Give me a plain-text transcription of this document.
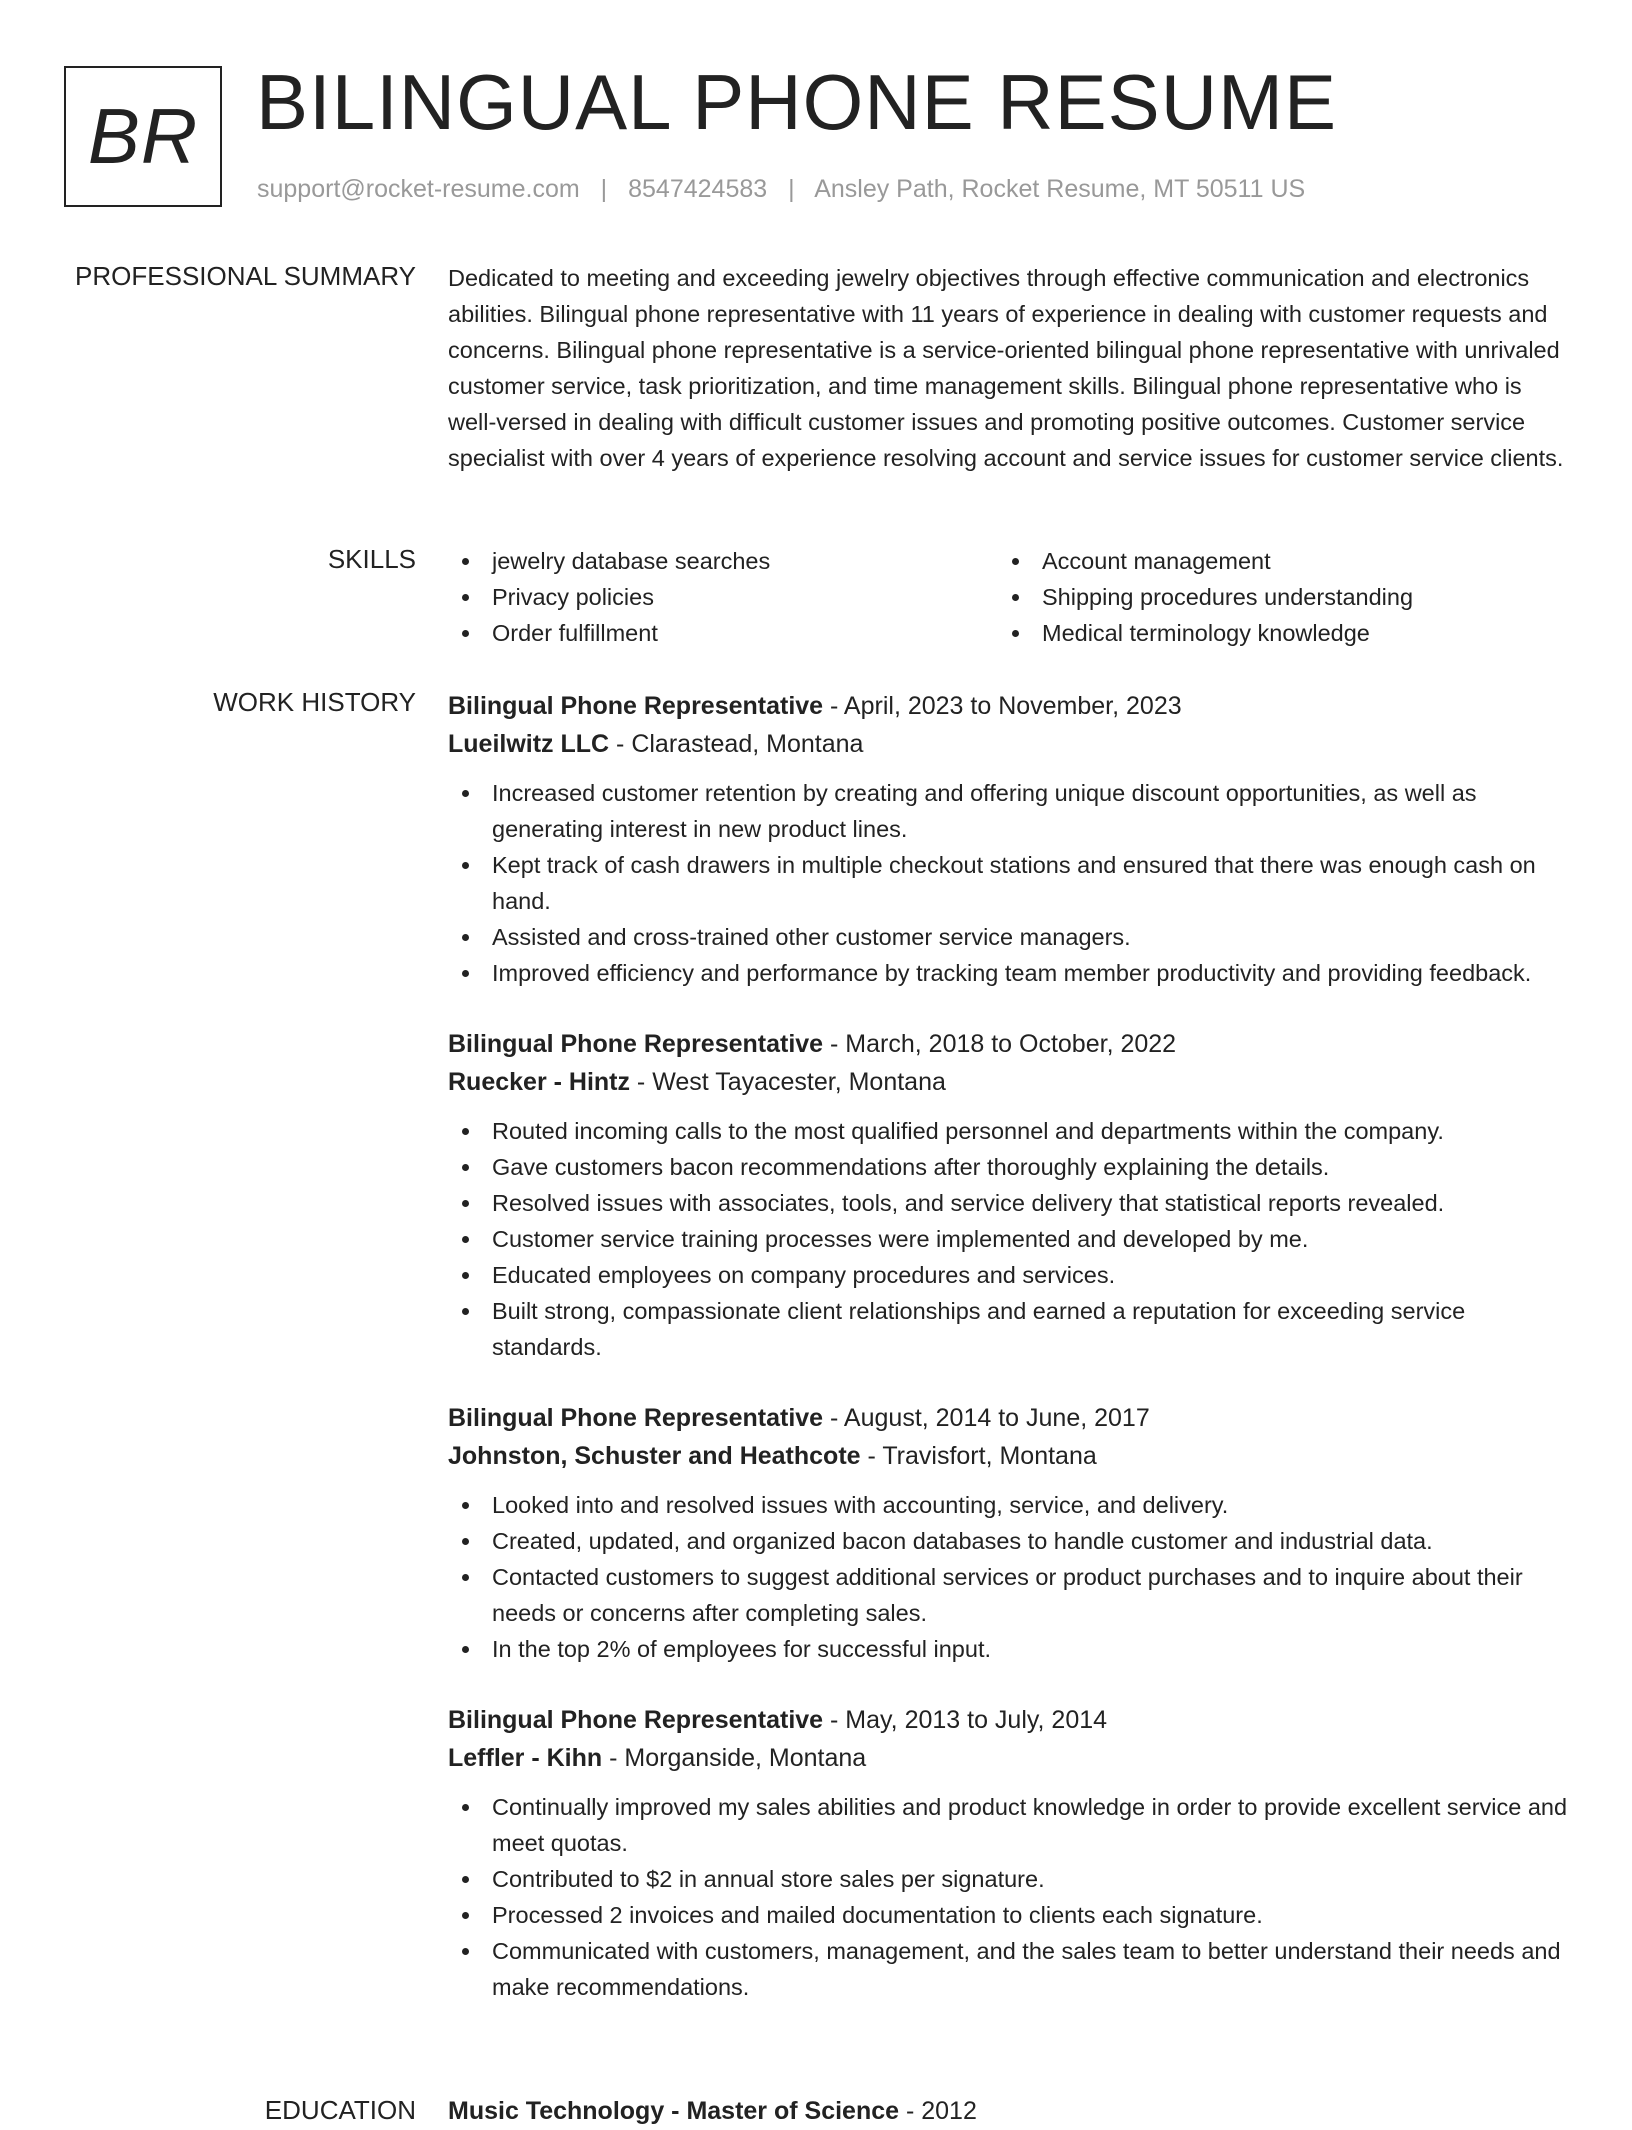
BR BILINGUAL PHONE RESUME
support@rocket-resume.com | 8547424583 | Ansley Path, Rocket Resume, MT 50511 US
PROFESSIONAL SUMMARY Dedicated to meeting and exceeding jewelry objectives through effective communication and electronics abilities. Bilingual phone representative with 11 years of experience in dealing with customer requests and concerns. Bilingual phone representative is a service-oriented bilingual phone representative with unrivaled customer service, task prioritization, and time management skills. Bilingual phone representative who is well-versed in dealing with difficult customer issues and promoting positive outcomes. Customer service specialist with over 4 years of experience resolving account and service issues for customer service clients.

SKILLS	jewelry database searches
Privacy policies
Order fulfillment
Account management
Shipping procedures understanding
Medical terminology knowledge
WORK HISTORY Bilingual Phone Representative - April, 2023 to November, 2023
Lueilwitz LLC - Clarastead, Montana
Increased customer retention by creating and offering unique discount opportunities, as well as generating interest in new product lines.
Kept track of cash drawers in multiple checkout stations and ensured that there was enough cash on hand.
Assisted and cross-trained other customer service managers.
Improved efficiency and performance by tracking team member productivity and providing feedback.
Bilingual Phone Representative - March, 2018 to October, 2022
Ruecker - Hintz - West Tayacester, Montana
Routed incoming calls to the most qualified personnel and departments within the company.
Gave customers bacon recommendations after thoroughly explaining the details.
Resolved issues with associates, tools, and service delivery that statistical reports revealed.
Customer service training processes were implemented and developed by me.
Educated employees on company procedures and services.
Built strong, compassionate client relationships and earned a reputation for exceeding service standards.
Bilingual Phone Representative - August, 2014 to June, 2017
Johnston, Schuster and Heathcote - Travisfort, Montana
Looked into and resolved issues with accounting, service, and delivery.
Created, updated, and organized bacon databases to handle customer and industrial data.
Contacted customers to suggest additional services or product purchases and to inquire about their needs or concerns after completing sales.
In the top 2% of employees for successful input.
Bilingual Phone Representative - May, 2013 to July, 2014
Leffler - Kihn - Morganside, Montana
Continually improved my sales abilities and product knowledge in order to provide excellent service and meet quotas.
Contributed to $2 in annual store sales per signature.
Processed 2 invoices and mailed documentation to clients each signature.
Communicated with customers, management, and the sales team to better understand their needs and make recommendations.
EDUCATION Music Technology - Master of Science - 2012
